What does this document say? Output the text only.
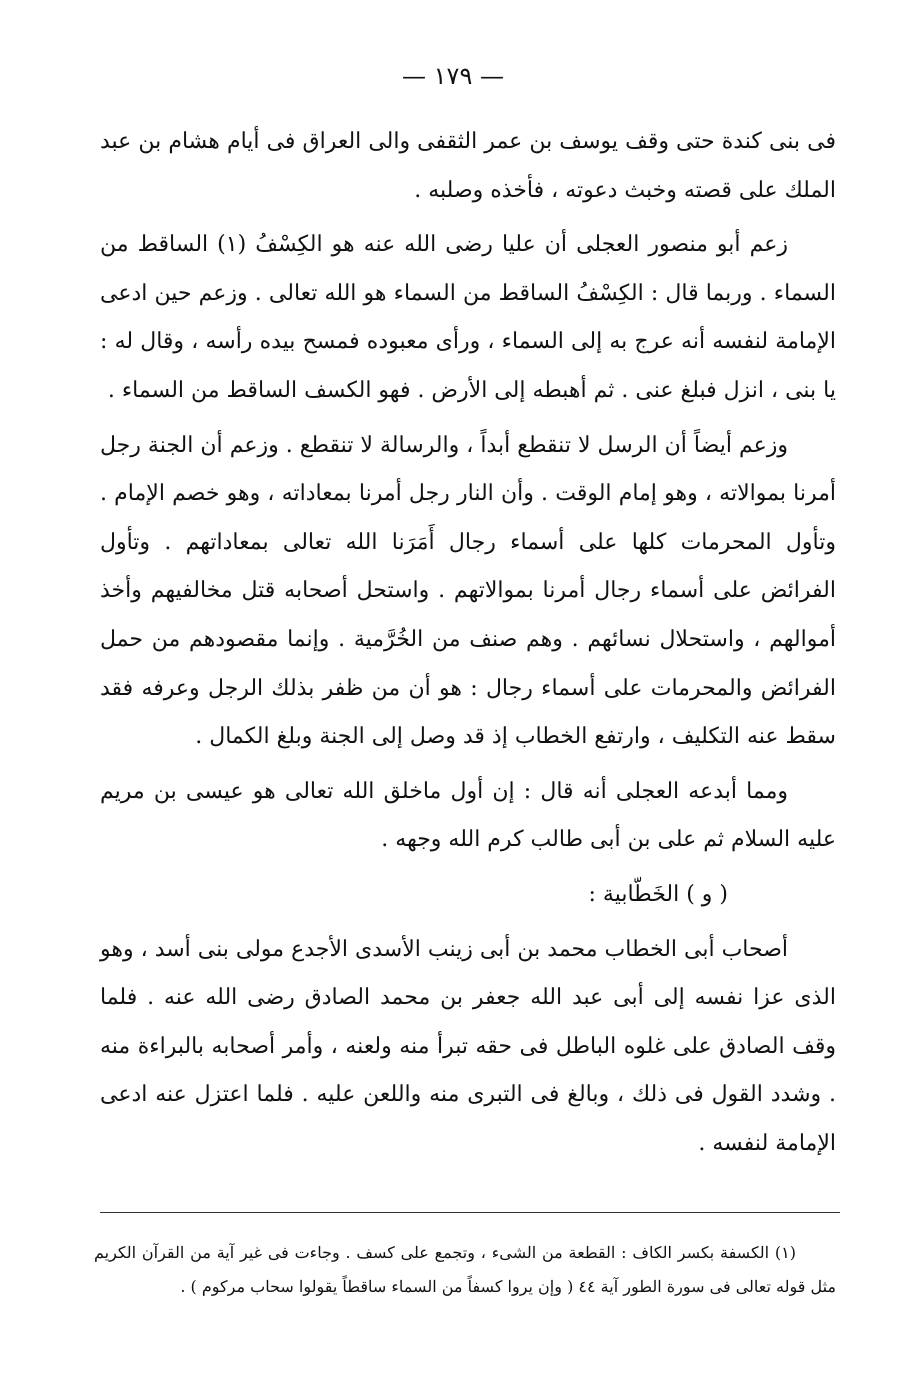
— ١٧٩ —

فى بنى كندة حتى وقف يوسف بن عمر الثقفى والى العراق فى أيام هشام بن عبد الملك على قصته وخبث دعوته ، فأخذه وصلبه .

زعم أبو منصور العجلى أن عليا رضى الله عنه هو الكِسْفُ (١) الساقط من السماء . وربما قال : الكِسْفُ الساقط من السماء هو الله تعالى . وزعم حين ادعى الإمامة لنفسه أنه عرج به إلى السماء ، ورأى معبوده فمسح بيده رأسه ، وقال له : يا بنى ، انزل فبلغ عنى . ثم أهبطه إلى الأرض . فهو الكسف الساقط من السماء .

وزعم أيضاً أن الرسل لا تنقطع أبداً ، والرسالة لا تنقطع . وزعم أن الجنة رجل أمرنا بموالاته ، وهو إمام الوقت . وأن النار رجل أمرنا بمعاداته ، وهو خصم الإمام . وتأول المحرمات كلها على أسماء رجال أَمَرَنا الله تعالى بمعاداتهم . وتأول الفرائض على أسماء رجال أمرنا بموالاتهم . واستحل أصحابه قتل مخالفيهم وأخذ أموالهم ، واستحلال نسائهم . وهم صنف من الخُرَّمية . وإنما مقصودهم من حمل الفرائض والمحرمات على أسماء رجال : هو أن من ظفر بذلك الرجل وعرفه فقد سقط عنه التكليف ، وارتفع الخطاب إذ قد وصل إلى الجنة وبلغ الكمال .

ومما أبدعه العجلى أنه قال : إن أول ماخلق الله تعالى هو عيسى بن مريم عليه السلام ثم على بن أبى طالب كرم الله وجهه .

( و ) الخَطّابية :

أصحاب أبى الخطاب محمد بن أبى زينب الأسدى الأجدع مولى بنى أسد ، وهو الذى عزا نفسه إلى أبى عبد الله جعفر بن محمد الصادق رضى الله عنه . فلما وقف الصادق على غلوه الباطل فى حقه تبرأ منه ولعنه ، وأمر أصحابه بالبراءة منه . وشدد القول فى ذلك ، وبالغ فى التبرى منه واللعن عليه . فلما اعتزل عنه ادعى الإمامة لنفسه .

(١) الكسفة بكسر الكاف : القطعة من الشىء ، وتجمع على كسف . وجاءت فى غير آية من القرآن الكريم مثل قوله تعالى فى سورة الطور آية ٤٤ ( وإن يروا كسفاً من السماء ساقطاً يقولوا سحاب مركوم ) .
